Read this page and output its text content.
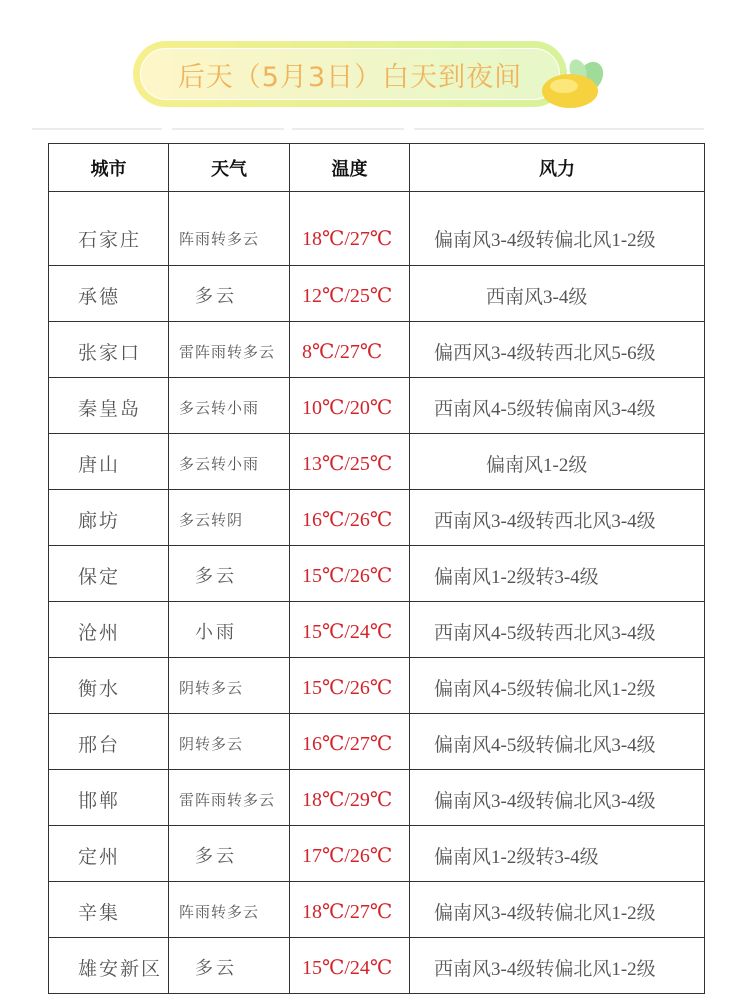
后天（5月3日）白天到夜间
城市	天气	温度	风力
石家庄	阵雨转多云	18℃/27℃	偏南风3-4级转偏北风1-2级
承德	多云	12℃/25℃	西南风3-4级
张家口	雷阵雨转多云	8℃/27℃	偏西风3-4级转西北风5-6级
秦皇岛	多云转小雨	10℃/20℃	西南风4-5级转偏南风3-4级
唐山	多云转小雨	13℃/25℃	偏南风1-2级
廊坊	多云转阴	16℃/26℃	西南风3-4级转西北风3-4级
保定	多云	15℃/26℃	偏南风1-2级转3-4级
沧州	小雨	15℃/24℃	西南风4-5级转西北风3-4级
衡水	阴转多云	15℃/26℃	偏南风4-5级转偏北风1-2级
邢台	阴转多云	16℃/27℃	偏南风4-5级转偏北风3-4级
邯郸	雷阵雨转多云	18℃/29℃	偏南风3-4级转偏北风3-4级
定州	多云	17℃/26℃	偏南风1-2级转3-4级
辛集	阵雨转多云	18℃/27℃	偏南风3-4级转偏北风1-2级
雄安新区	多云	15℃/24℃	西南风3-4级转偏北风1-2级
